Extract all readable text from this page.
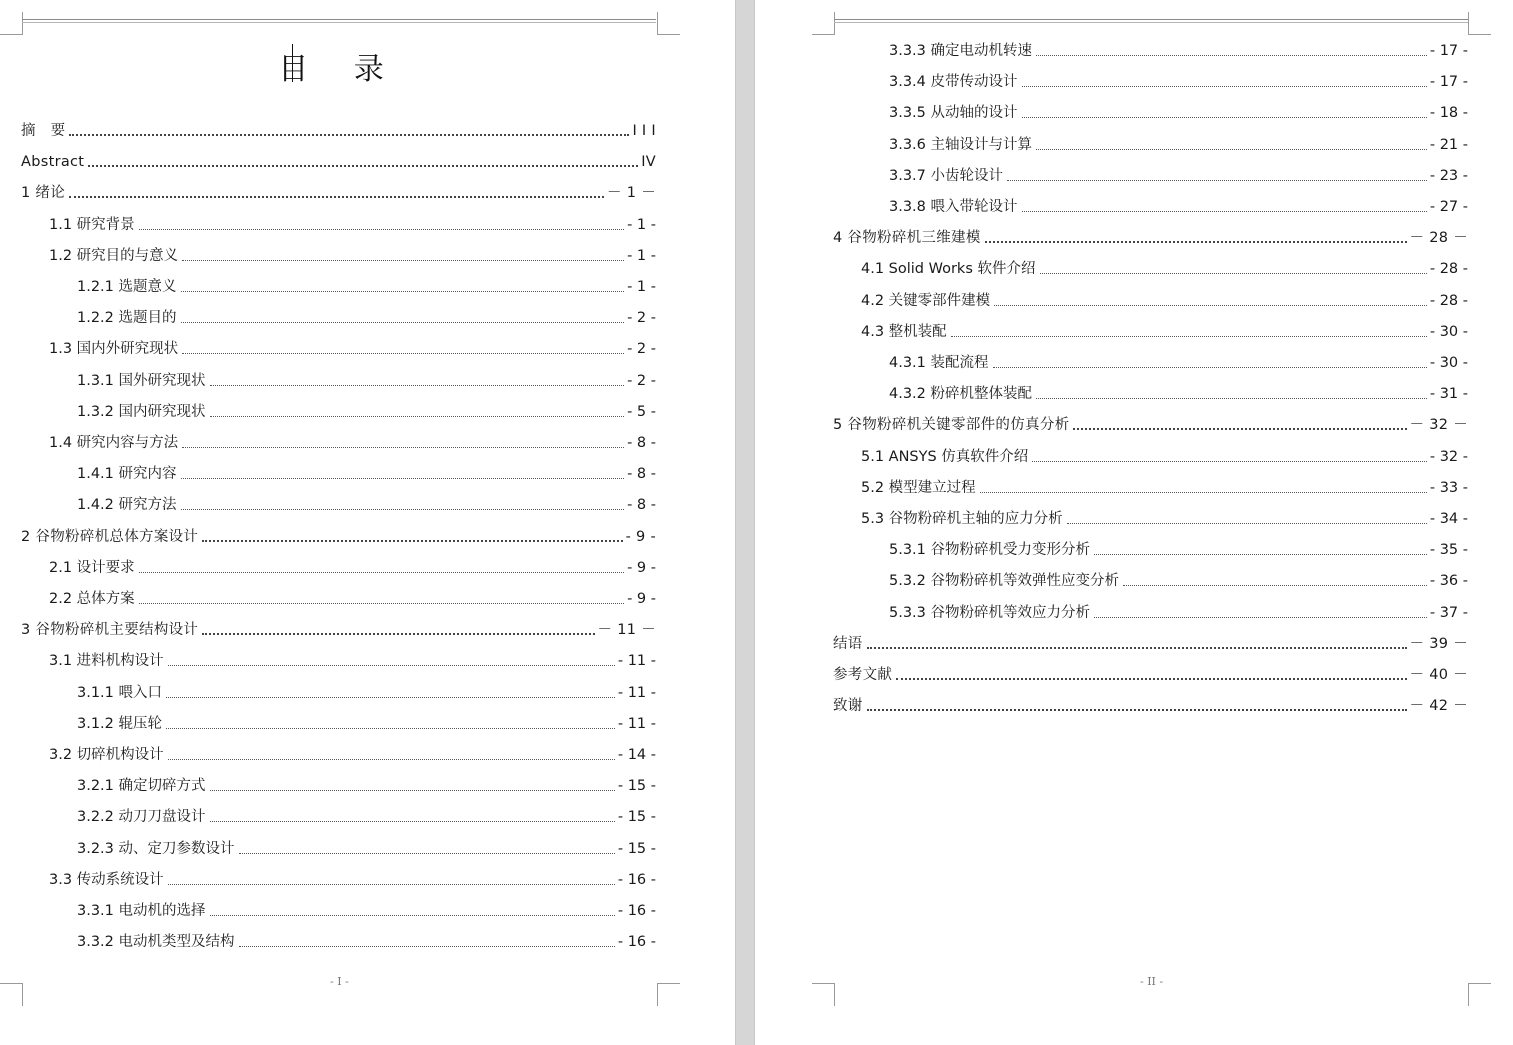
目 录
摘　要	I I I
Abstract	IV
1 绪论	－ 1 －
1.1 研究背景	- 1 -
1.2 研究目的与意义	- 1 -
1.2.1 选题意义	- 1 -
1.2.2 选题目的	- 2 -
1.3 国内外研究现状	- 2 -
1.3.1 国外研究现状	- 2 -
1.3.2 国内研究现状	- 5 -
1.4 研究内容与方法	- 8 -
1.4.1 研究内容	- 8 -
1.4.2 研究方法	- 8 -
2 谷物粉碎机总体方案设计	- 9 -
2.1 设计要求	- 9 -
2.2 总体方案	- 9 -
3 谷物粉碎机主要结构设计	－ 11 －
3.1 进料机构设计	- 11 -
3.1.1 喂入口	- 11 -
3.1.2 辊压轮	- 11 -
3.2 切碎机构设计	- 14 -
3.2.1 确定切碎方式	- 15 -
3.2.2 动刀刀盘设计	- 15 -
3.2.3 动、定刀参数设计	- 15 -
3.3 传动系统设计	- 16 -
3.3.1 电动机的选择	- 16 -
3.3.2 电动机类型及结构	- 16 -
- I -
3.3.3 确定电动机转速	- 17 -
3.3.4 皮带传动设计	- 17 -
3.3.5 从动轴的设计	- 18 -
3.3.6 主轴设计与计算	- 21 -
3.3.7 小齿轮设计	- 23 -
3.3.8 喂入带轮设计	- 27 -
4 谷物粉碎机三维建模	－ 28 －
4.1 Solid Works 软件介绍	- 28 -
4.2 关键零部件建模	- 28 -
4.3 整机装配	- 30 -
4.3.1 装配流程	- 30 -
4.3.2 粉碎机整体装配	- 31 -
5 谷物粉碎机关键零部件的仿真分析	－ 32 －
5.1 ANSYS 仿真软件介绍	- 32 -
5.2 模型建立过程	- 33 -
5.3 谷物粉碎机主轴的应力分析	- 34 -
5.3.1 谷物粉碎机受力变形分析	- 35 -
5.3.2 谷物粉碎机等效弹性应变分析	- 36 -
5.3.3 谷物粉碎机等效应力分析	- 37 -
结语	－ 39 －
参考文献	－ 40 －
致谢	－ 42 －
- II -
